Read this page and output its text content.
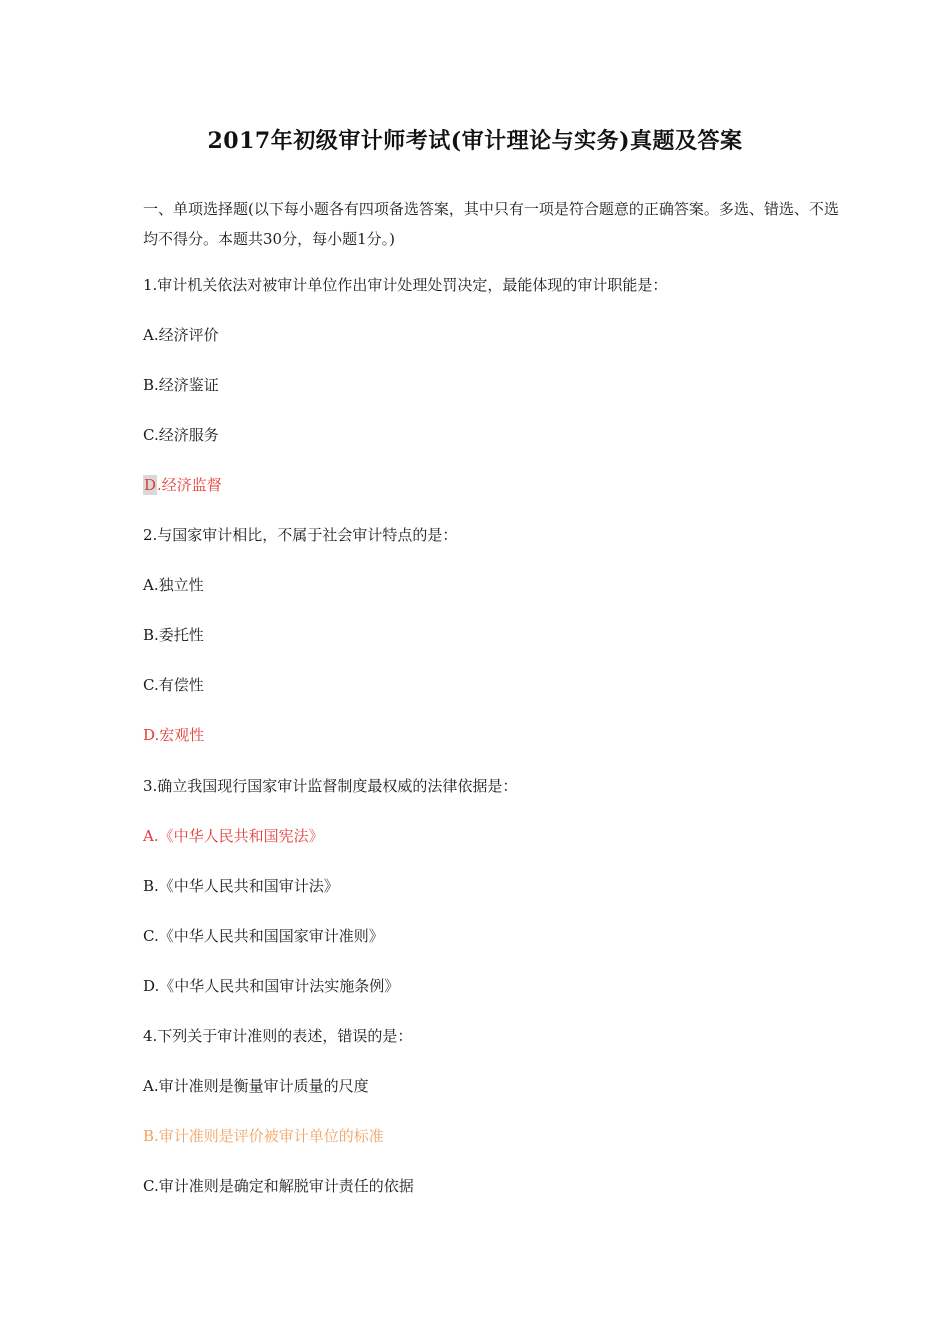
2017年初级审计师考试(审计理论与实务)真题及答案
一、单项选择题(以下每小题各有四项备选答案，其中只有一项是符合题意的正确答案。多选、错选、不选均不得分。本题共30分，每小题1分。)
1.审计机关依法对被审计单位作出审计处理处罚决定，最能体现的审计职能是：
A.经济评价
B.经济鉴证
C.经济服务
D.经济监督
2.与国家审计相比，不属于社会审计特点的是：
A.独立性
B.委托性
C.有偿性
D.宏观性
3.确立我国现行国家审计监督制度最权威的法律依据是：
A.《中华人民共和国宪法》
B.《中华人民共和国审计法》
C.《中华人民共和国国家审计准则》
D.《中华人民共和国审计法实施条例》
4.下列关于审计准则的表述，错误的是：
A.审计准则是衡量审计质量的尺度
B.审计准则是评价被审计单位的标准
C.审计准则是确定和解脱审计责任的依据
